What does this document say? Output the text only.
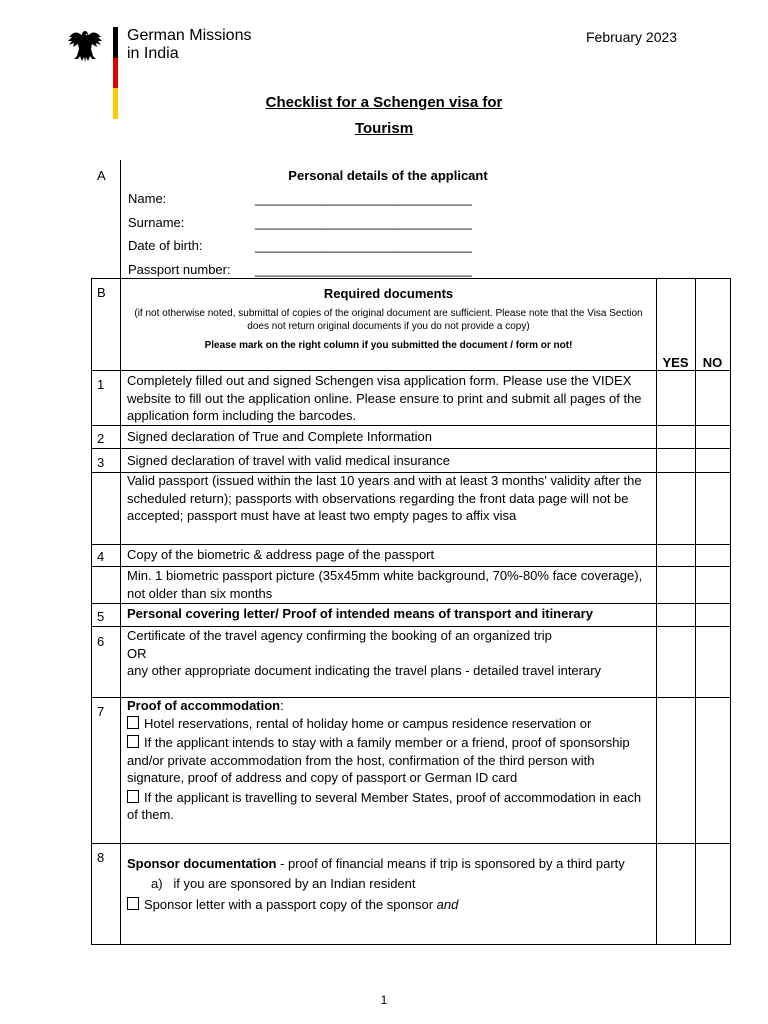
German Missions
in India
February 2023
Checklist for a Schengen visa for
Tourism
A	Personal details of the applicant
Name:	______________________________
Surname:	______________________________
Date of birth:	______________________________
Passport number: ______________________________
B	Required documents
(if not otherwise noted, submittal of copies of the original document are sufficient. Please note that the Visa Section does not return original documents if you do not provide a copy)
Please mark on the right column if you submitted the document / form or not!
YES	NO
1 Completely filled out and signed Schengen visa application form. Please use the VIDEX website to fill out the application online. Please ensure to print and submit all pages of the application form including the barcodes.
2 Signed declaration of True and Complete Information
3 Signed declaration of travel with valid medical insurance
Valid passport (issued within the last 10 years and with at least 3 months' validity after the scheduled return); passports with observations regarding the front data page will not be accepted; passport must have at least two empty pages to affix visa
4 Copy of the biometric & address page of the passport
Min. 1 biometric passport picture (35x45mm white background, 70%-80% face coverage), not older than six months
5 Personal covering letter/ Proof of intended means of transport and itinerary
6 Certificate of the travel agency confirming the booking of an organized trip
OR
any other appropriate document indicating the travel plans - detailed travel interary
7 Proof of accommodation:
Hotel reservations, rental of holiday home or campus residence reservation or
If the applicant intends to stay with a family member or a friend, proof of sponsorship and/or private accommodation from the host, confirmation of the third person with signature, proof of address and copy of passport or German ID card
If the applicant is travelling to several Member States, proof of accommodation in each of them.
8 Sponsor documentation - proof of financial means if trip is sponsored by a third party
a) if you are sponsored by an Indian resident
Sponsor letter with a passport copy of the sponsor and
1
